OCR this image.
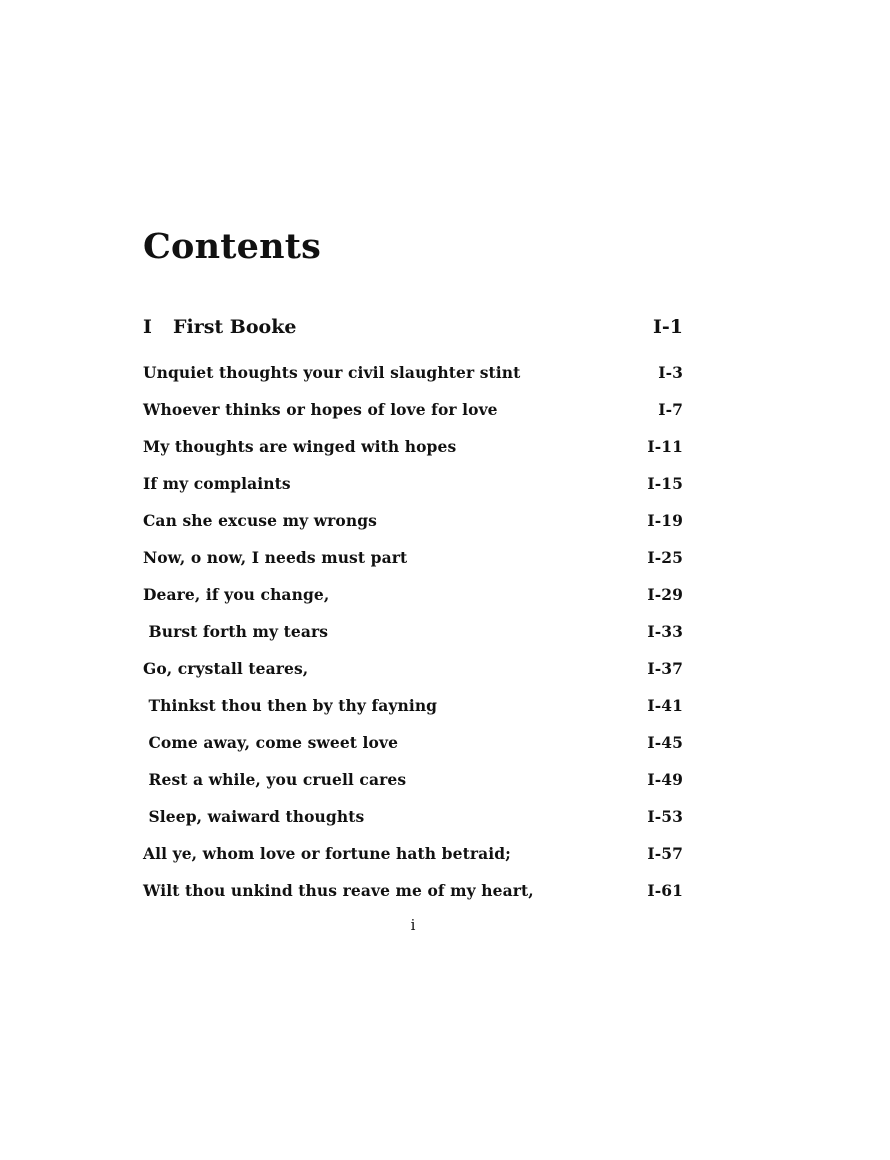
Contents
I First Booke	I-1
Unquiet thoughts your civil slaughter stint	I-3
Whoever thinks or hopes of love for love	I-7
My thoughts are winged with hopes	I-11
If my complaints	I-15
Can she excuse my wrongs	I-19
Now, o now, I needs must part	I-25
Deare, if you change,	I-29
Burst forth my tears	I-33
Go, crystall teares,	I-37
Thinkst thou then by thy fayning	I-41
Come away, come sweet love	I-45
Rest a while, you cruell cares	I-49
Sleep, waiward thoughts	I-53
All ye, whom love or fortune hath betraid;	I-57
Wilt thou unkind thus reave me of my heart,	I-61
i
